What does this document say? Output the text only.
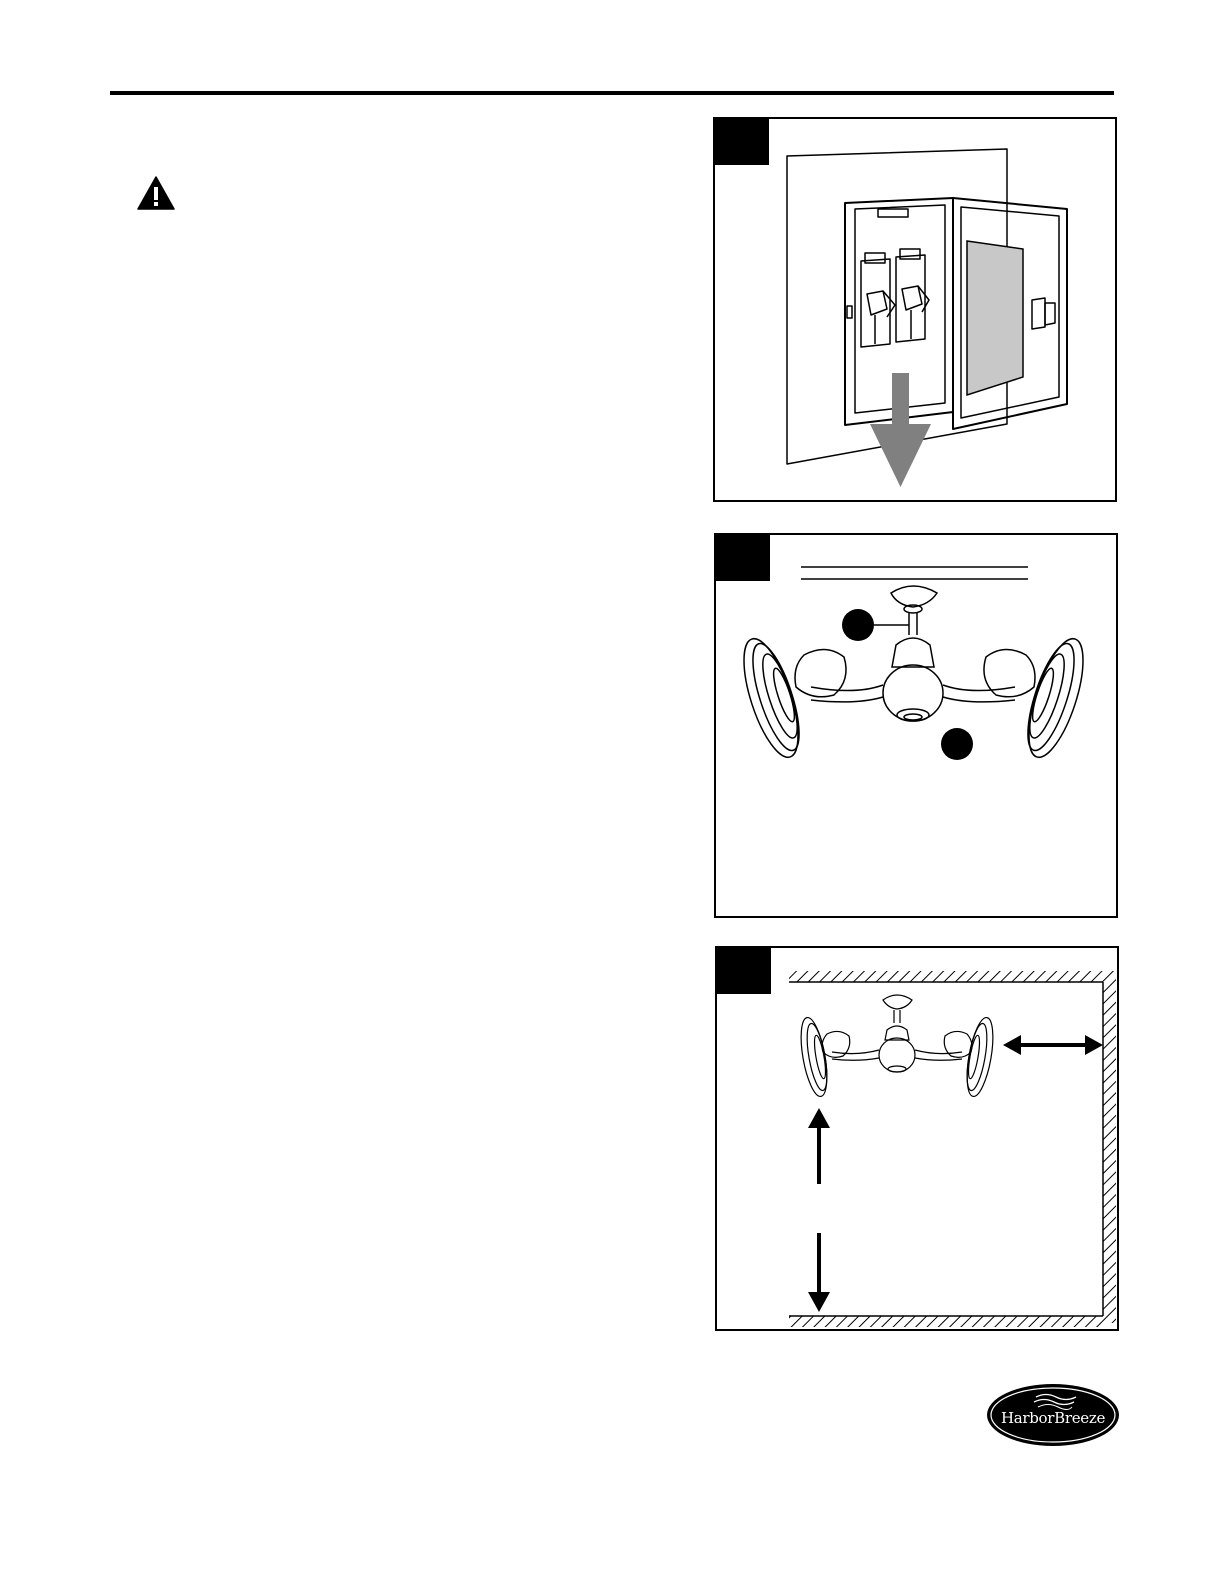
HarborBreeze
